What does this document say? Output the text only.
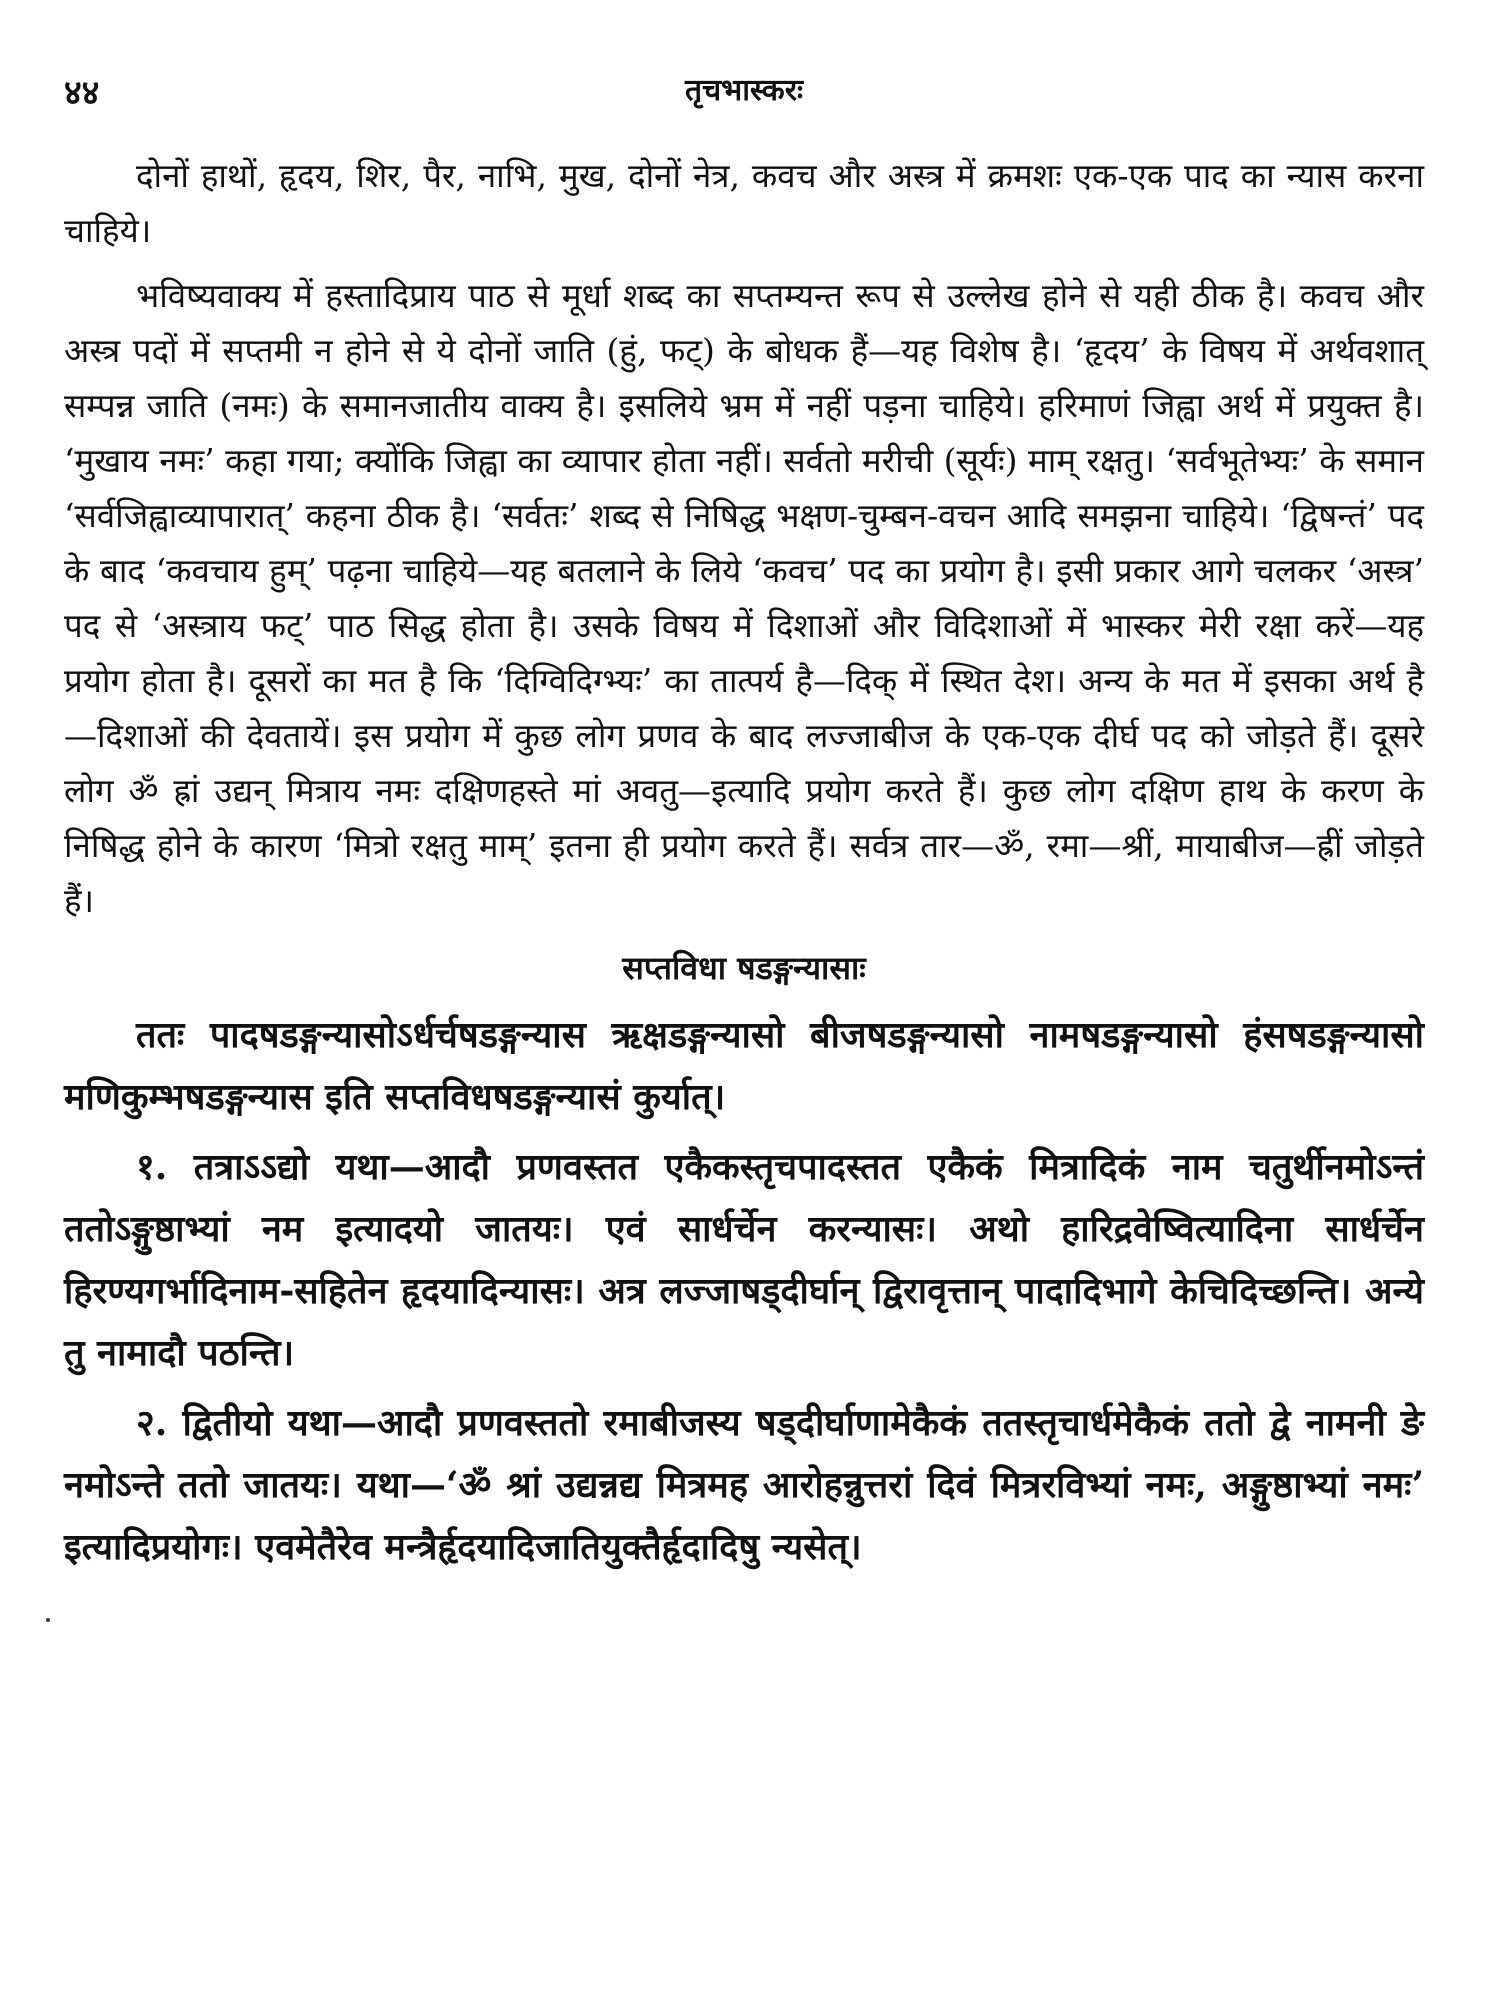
४४	तृचभास्करः

दोनों हाथों, हृदय, शिर, पैर, नाभि, मुख, दोनों नेत्र, कवच और अस्त्र में क्रमशः एक-एक पाद का न्यास करना चाहिये।

भविष्यवाक्य में हस्तादिप्राय पाठ से मूर्धा शब्द का सप्तम्यन्त रूप से उल्लेख होने से यही ठीक है। कवच और अस्त्र पदों में सप्तमी न होने से ये दोनों जाति (हुं, फट्) के बोधक हैं—यह विशेष है। ‘हृदय’ के विषय में अर्थवशात् सम्पन्न जाति (नमः) के समानजातीय वाक्य है। इसलिये भ्रम में नहीं पड़ना चाहिये। हरिमाणं जिह्वा अर्थ में प्रयुक्त है। ‘मुखाय नमः’ कहा गया; क्योंकि जिह्वा का व्यापार होता नहीं। सर्वतो मरीची (सूर्यः) माम् रक्षतु। ‘सर्वभूतेभ्यः’ के समान ‘सर्वजिह्वाव्यापारात्’ कहना ठीक है। ‘सर्वतः’ शब्द से निषिद्ध भक्षण-चुम्बन-वचन आदि समझना चाहिये। ‘द्विषन्तं’ पद के बाद ‘कवचाय हुम्’ पढ़ना चाहिये—यह बतलाने के लिये ‘कवच’ पद का प्रयोग है। इसी प्रकार आगे चलकर ‘अस्त्र’ पद से ‘अस्त्राय फट्’ पाठ सिद्ध होता है। उसके विषय में दिशाओं और विदिशाओं में भास्कर मेरी रक्षा करें—यह प्रयोग होता है। दूसरों का मत है कि ‘दिग्विदिग्भ्यः’ का तात्पर्य है—दिक् में स्थित देश। अन्य के मत में इसका अर्थ है—दिशाओं की देवतायें। इस प्रयोग में कुछ लोग प्रणव के बाद लज्जाबीज के एक-एक दीर्घ पद को जोड़ते हैं। दूसरे लोग ॐ ह्रां उद्यन् मित्राय नमः दक्षिणहस्ते मां अवतु—इत्यादि प्रयोग करते हैं। कुछ लोग दक्षिण हाथ के करण के निषिद्ध होने के कारण ‘मित्रो रक्षतु माम्’ इतना ही प्रयोग करते हैं। सर्वत्र तार—ॐ, रमा—श्रीं, मायाबीज—ह्रीं जोड़ते हैं।

सप्तविधा षडङ्गन्यासाः

ततः पादषडङ्गन्यासोऽर्धर्चषडङ्गन्यास ऋक्षडङ्गन्यासो बीजषडङ्गन्यासो नामषडङ्गन्यासो हंसषडङ्गन्यासो मणिकुम्भषडङ्गन्यास इति सप्तविधषडङ्गन्यासं कुर्यात्।

१. तत्राऽऽद्यो यथा—आदौ प्रणवस्तत एकैकस्तृचपादस्तत एकैकं मित्रादिकं नाम चतुर्थीनमोऽन्तं ततोऽङ्गुष्ठाभ्यां नम इत्यादयो जातयः। एवं सार्धर्चेन करन्यासः। अथो हारिद्रवेष्वित्यादिना सार्धर्चेन हिरण्यगर्भादिनाम-सहितेन हृदयादिन्यासः। अत्र लज्जाषड्दीर्घान् द्विरावृत्तान् पादादिभागे केचिदिच्छन्ति। अन्ये तु नामादौ पठन्ति।

२. द्वितीयो यथा—आदौ प्रणवस्ततो रमाबीजस्य षड्दीर्घाणामेकैकं ततस्तृचार्धमेकैकं ततो द्वे नामनी ङे नमोऽन्ते ततो जातयः। यथा—‘ॐ श्रां उद्यन्नद्य मित्रमह आरोहन्नुत्तरां दिवं मित्ररविभ्यां नमः, अङ्गुष्ठाभ्यां नमः’ इत्यादिप्रयोगः। एवमेतैरेव मन्त्रैर्हृदयादिजातियुक्तैर्हृदादिषु न्यसेत्।
